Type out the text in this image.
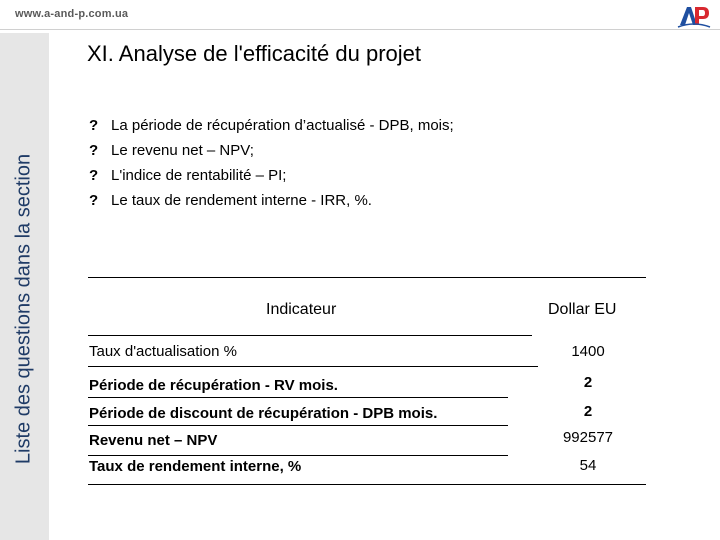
www.a-and-p.com.ua
Liste des questions dans la section
XI. Analyse de l'efficacité du projet
? La période de récupération d’actualisé - DPB, mois;
? Le revenu net – NPV;
? L'indice de rentabilité – PI;
? Le taux de rendement interne - IRR, %.
Indicateur	Dollar EU
Taux d'actualisation %	1400
Période de récupération - RV mois.	2
Période de discount de récupération - DPB mois.	2
Revenu net – NPV	992577
Taux de rendement interne, %	54
